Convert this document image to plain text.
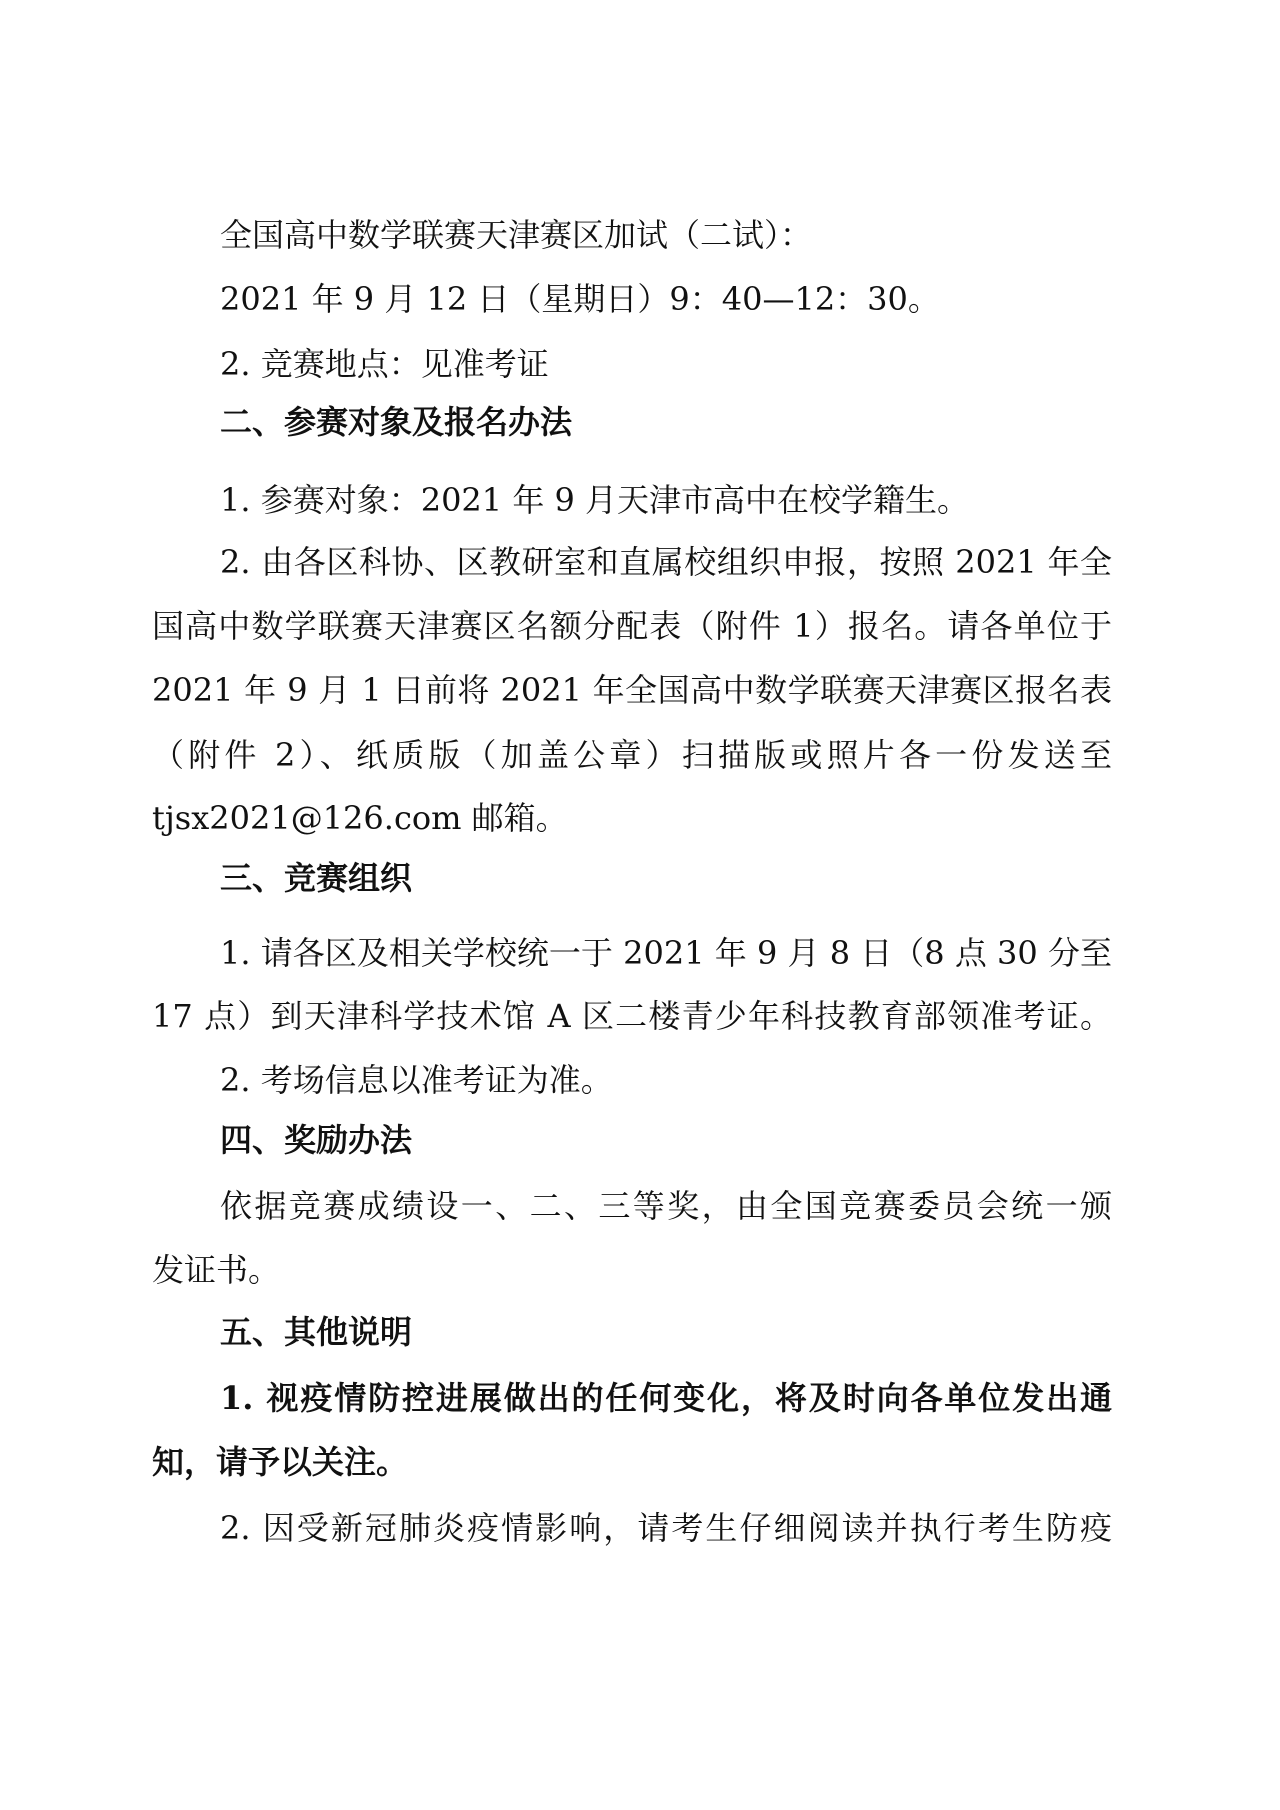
全国高中数学联赛天津赛区加试（二试）：
2021 年 9 月 12 日（星期日）9：40—12：30。
2. 竞赛地点：见准考证
二、参赛对象及报名办法
1. 参赛对象：2021 年 9 月天津市高中在校学籍生。
2. 由各区科协、区教研室和直属校组织申报，按照 2021 年全
国高中数学联赛天津赛区名额分配表（附件 1）报名。请各单位于
2021 年 9 月 1 日前将 2021 年全国高中数学联赛天津赛区报名表
（附件 2）、纸质版（加盖公章）扫描版或照片各一份发送至
tjsx2021@126.com 邮箱。
三、竞赛组织
1. 请各区及相关学校统一于 2021 年 9 月 8 日（8 点 30 分至
17 点）到天津科学技术馆 A 区二楼青少年科技教育部领准考证。
2. 考场信息以准考证为准。
四、奖励办法
依据竞赛成绩设一、二、三等奖，由全国竞赛委员会统一颁
发证书。
五、其他说明
1. 视疫情防控进展做出的任何变化，将及时向各单位发出通
知，请予以关注。
2. 因受新冠肺炎疫情影响，请考生仔细阅读并执行考生防疫
